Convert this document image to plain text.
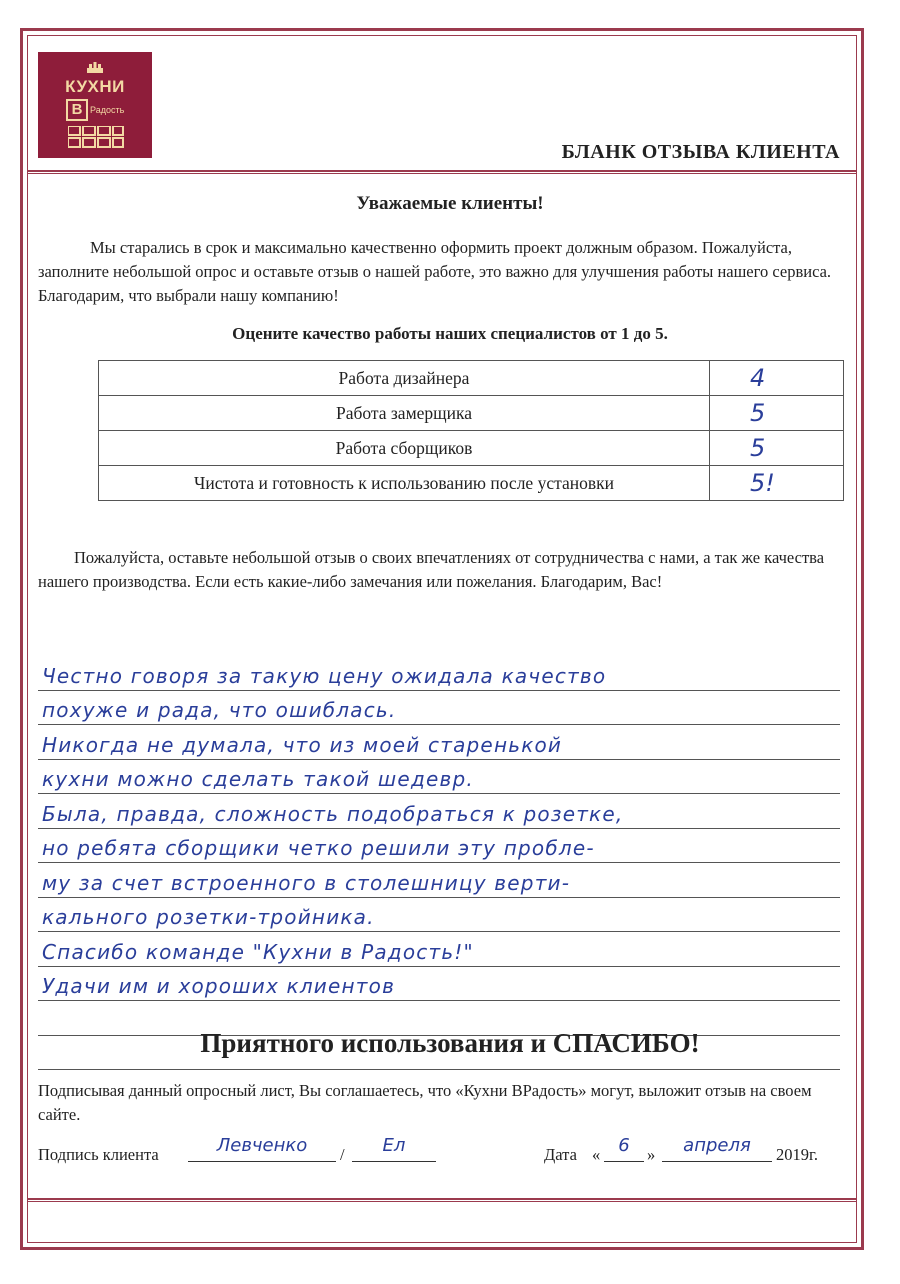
КУХНИ
В Радость
БЛАНК ОТЗЫВА КЛИЕНТА
Уважаемые клиенты!
Мы старались в срок и максимально качественно оформить проект должным образом. Пожалуйста, заполните небольшой опрос и оставьте отзыв о нашей работе, это важно для улучшения работы нашего сервиса. Благодарим, что выбрали нашу компанию!
Оцените качество работы наших специалистов от 1 до 5.
Работа дизайнера	4
Работа замерщика	5
Работа сборщиков	5
Чистота и готовность к использованию после установки	5!
Пожалуйста, оставьте небольшой отзыв о своих впечатлениях от сотрудничества с нами, а так же качества нашего производства. Если есть какие-либо замечания или пожелания. Благодарим, Вас!
Честно говоря за такую цену ожидала качество
похуже и рада, что ошиблась.
Никогда не думала, что из моей старенькой
кухни можно сделать такой шедевр.
Была, правда, сложность подобраться к розетке,
но ребята сборщики четко решили эту пробле-
му за счет встроенного в столешницу верти-
кального розетки-тройника.
Спасибо команде "Кухни в Радость!"
Удачи им и хороших клиентов
Приятного использования и СПАСИБО!
Подписывая данный опросный лист, Вы соглашаетесь, что «Кухни ВРадость» могут, выложит отзыв на своем сайте.
Подпись клиента	Левченко	/	Ел	Дата «	6	»	апреля	2019г.
